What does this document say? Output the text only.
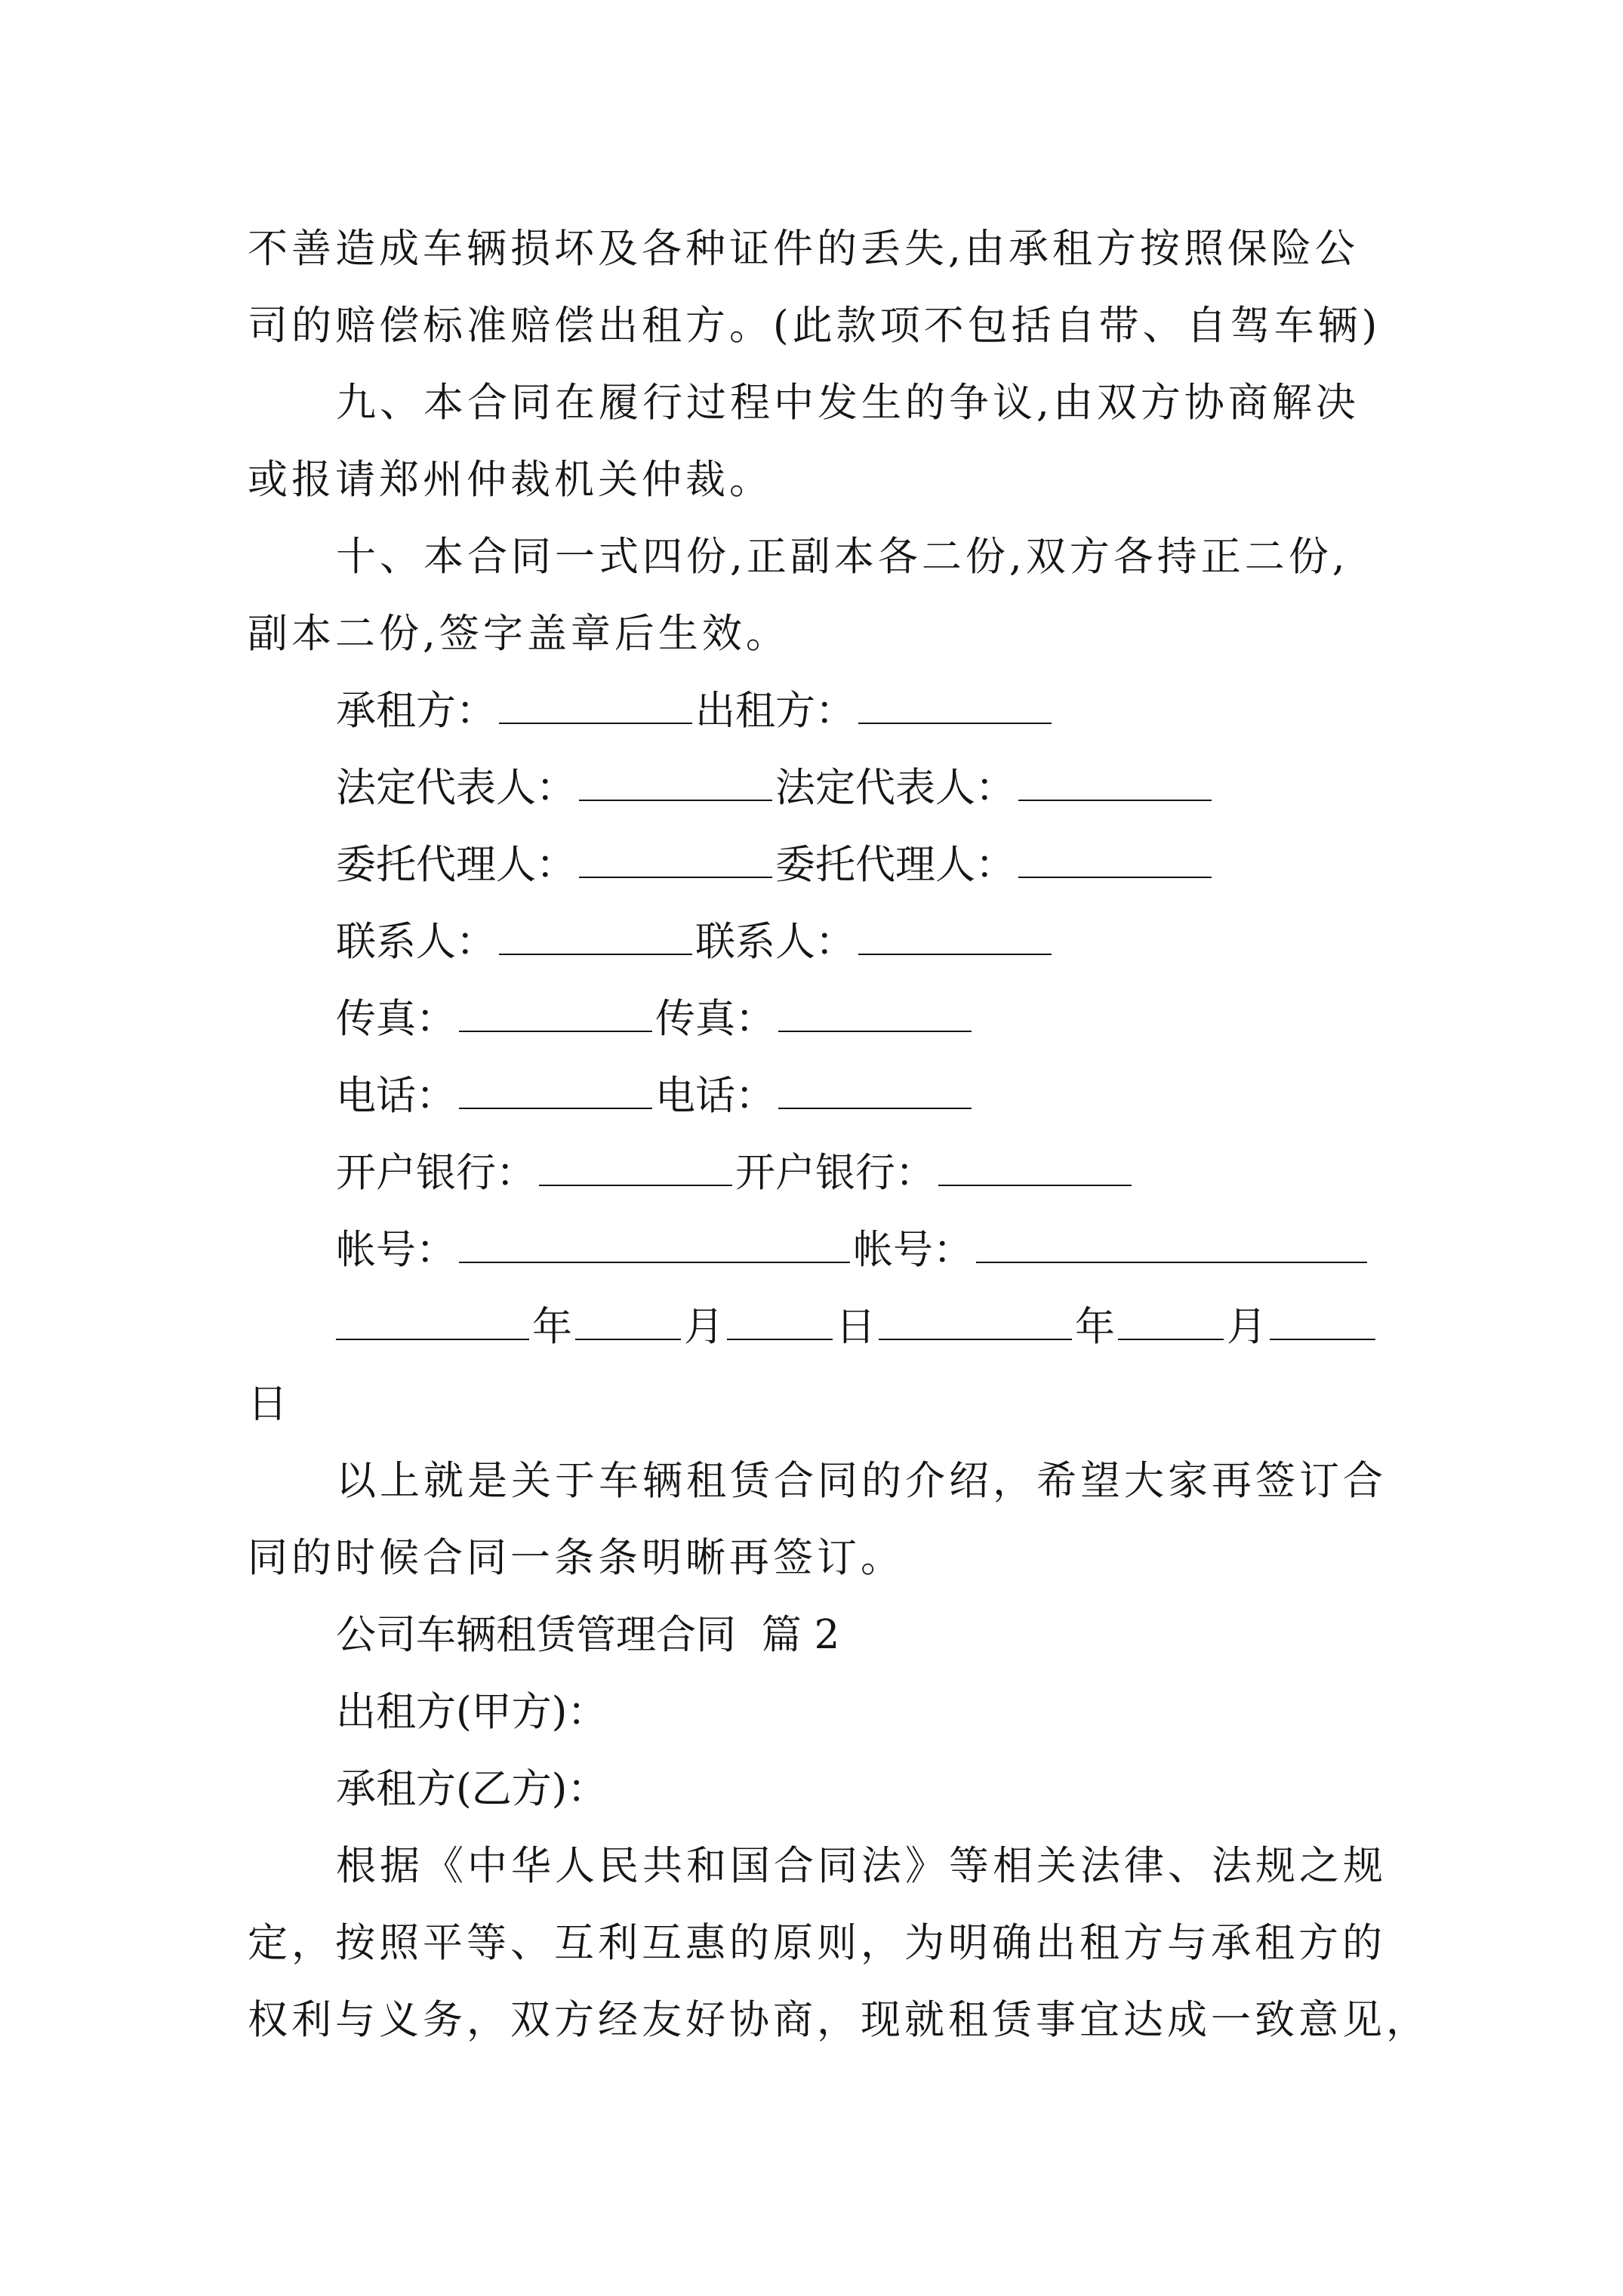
不善造成车辆损坏及各种证件的丢失,由承租方按照保险公
司的赔偿标准赔偿出租方。(此款项不包括自带、自驾车辆)
九、本合同在履行过程中发生的争议,由双方协商解决
或报请郑州仲裁机关仲裁。
十、本合同一式四份,正副本各二份,双方各持正二份,
副本二份,签字盖章后生效。
承租方：	出租方：
法定代表人：	法定代表人：
委托代理人：	委托代理人：
联系人：	联系人：
传真：	传真：
电话：	电话：
开户银行：	开户银行：
帐号：	帐号：
年	月	日	年	月
日
以上就是关于车辆租赁合同的介绍，希望大家再签订合
同的时候合同一条条明晰再签订。
公司车辆租赁管理合同  篇 2
出租方(甲方)：
承租方(乙方)：
根据《中华人民共和国合同法》等相关法律、法规之规
定，按照平等、互利互惠的原则，为明确出租方与承租方的
权利与义务，双方经友好协商，现就租赁事宜达成一致意见，
